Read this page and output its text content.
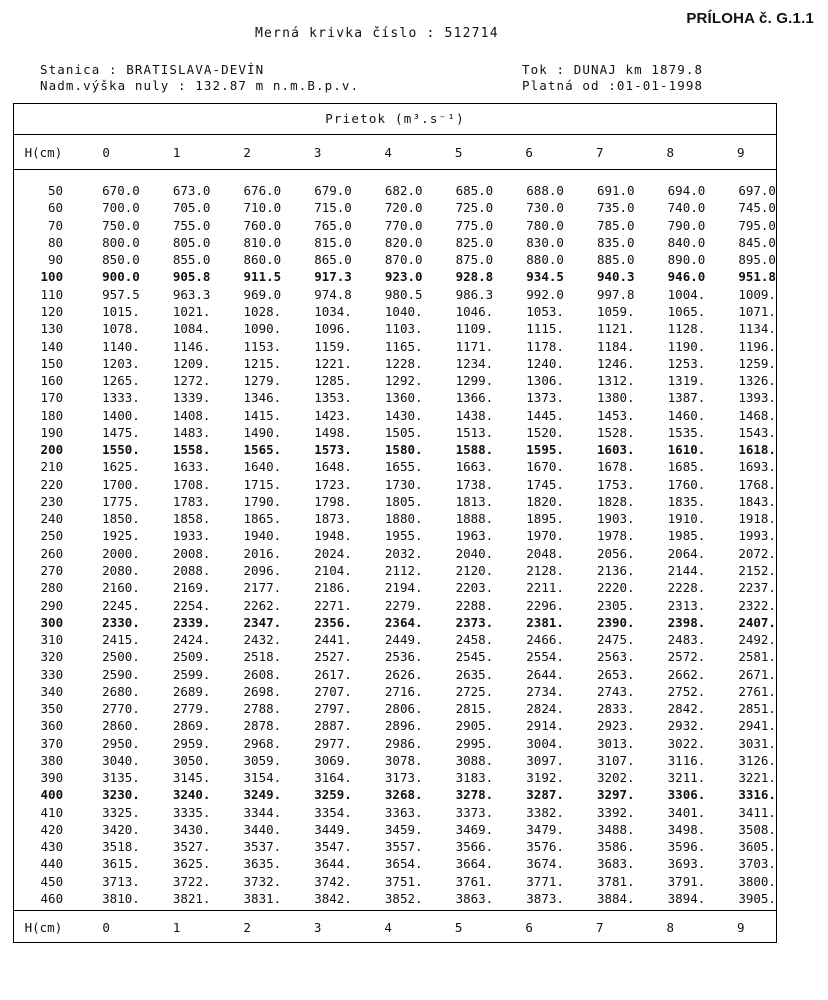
PRÍLOHA č. G.1.1
Merná krivka číslo : 512714
Stanica : BRATISLAVA-DEVÍN
Nadm.výška nuly : 132.87 m n.m.B.p.v.
Tok : DUNAJ km 1879.8
Platná od :01-01-1998
Prietok (m³.s⁻¹)
H(cm)	0	1	2	3	4	5	6	7	8	9
50	670.0	673.0	676.0	679.0	682.0	685.0	688.0	691.0	694.0	697.0
60	700.0	705.0	710.0	715.0	720.0	725.0	730.0	735.0	740.0	745.0
70	750.0	755.0	760.0	765.0	770.0	775.0	780.0	785.0	790.0	795.0
80	800.0	805.0	810.0	815.0	820.0	825.0	830.0	835.0	840.0	845.0
90	850.0	855.0	860.0	865.0	870.0	875.0	880.0	885.0	890.0	895.0
100	900.0	905.8	911.5	917.3	923.0	928.8	934.5	940.3	946.0	951.8
110	957.5	963.3	969.0	974.8	980.5	986.3	992.0	997.8	1004.	1009.
120	1015.	1021.	1028.	1034.	1040.	1046.	1053.	1059.	1065.	1071.
130	1078.	1084.	1090.	1096.	1103.	1109.	1115.	1121.	1128.	1134.
140	1140.	1146.	1153.	1159.	1165.	1171.	1178.	1184.	1190.	1196.
150	1203.	1209.	1215.	1221.	1228.	1234.	1240.	1246.	1253.	1259.
160	1265.	1272.	1279.	1285.	1292.	1299.	1306.	1312.	1319.	1326.
170	1333.	1339.	1346.	1353.	1360.	1366.	1373.	1380.	1387.	1393.
180	1400.	1408.	1415.	1423.	1430.	1438.	1445.	1453.	1460.	1468.
190	1475.	1483.	1490.	1498.	1505.	1513.	1520.	1528.	1535.	1543.
200	1550.	1558.	1565.	1573.	1580.	1588.	1595.	1603.	1610.	1618.
210	1625.	1633.	1640.	1648.	1655.	1663.	1670.	1678.	1685.	1693.
220	1700.	1708.	1715.	1723.	1730.	1738.	1745.	1753.	1760.	1768.
230	1775.	1783.	1790.	1798.	1805.	1813.	1820.	1828.	1835.	1843.
240	1850.	1858.	1865.	1873.	1880.	1888.	1895.	1903.	1910.	1918.
250	1925.	1933.	1940.	1948.	1955.	1963.	1970.	1978.	1985.	1993.
260	2000.	2008.	2016.	2024.	2032.	2040.	2048.	2056.	2064.	2072.
270	2080.	2088.	2096.	2104.	2112.	2120.	2128.	2136.	2144.	2152.
280	2160.	2169.	2177.	2186.	2194.	2203.	2211.	2220.	2228.	2237.
290	2245.	2254.	2262.	2271.	2279.	2288.	2296.	2305.	2313.	2322.
300	2330.	2339.	2347.	2356.	2364.	2373.	2381.	2390.	2398.	2407.
310	2415.	2424.	2432.	2441.	2449.	2458.	2466.	2475.	2483.	2492.
320	2500.	2509.	2518.	2527.	2536.	2545.	2554.	2563.	2572.	2581.
330	2590.	2599.	2608.	2617.	2626.	2635.	2644.	2653.	2662.	2671.
340	2680.	2689.	2698.	2707.	2716.	2725.	2734.	2743.	2752.	2761.
350	2770.	2779.	2788.	2797.	2806.	2815.	2824.	2833.	2842.	2851.
360	2860.	2869.	2878.	2887.	2896.	2905.	2914.	2923.	2932.	2941.
370	2950.	2959.	2968.	2977.	2986.	2995.	3004.	3013.	3022.	3031.
380	3040.	3050.	3059.	3069.	3078.	3088.	3097.	3107.	3116.	3126.
390	3135.	3145.	3154.	3164.	3173.	3183.	3192.	3202.	3211.	3221.
400	3230.	3240.	3249.	3259.	3268.	3278.	3287.	3297.	3306.	3316.
410	3325.	3335.	3344.	3354.	3363.	3373.	3382.	3392.	3401.	3411.
420	3420.	3430.	3440.	3449.	3459.	3469.	3479.	3488.	3498.	3508.
430	3518.	3527.	3537.	3547.	3557.	3566.	3576.	3586.	3596.	3605.
440	3615.	3625.	3635.	3644.	3654.	3664.	3674.	3683.	3693.	3703.
450	3713.	3722.	3732.	3742.	3751.	3761.	3771.	3781.	3791.	3800.
460	3810.	3821.	3831.	3842.	3852.	3863.	3873.	3884.	3894.	3905.
H(cm)	0	1	2	3	4	5	6	7	8	9
